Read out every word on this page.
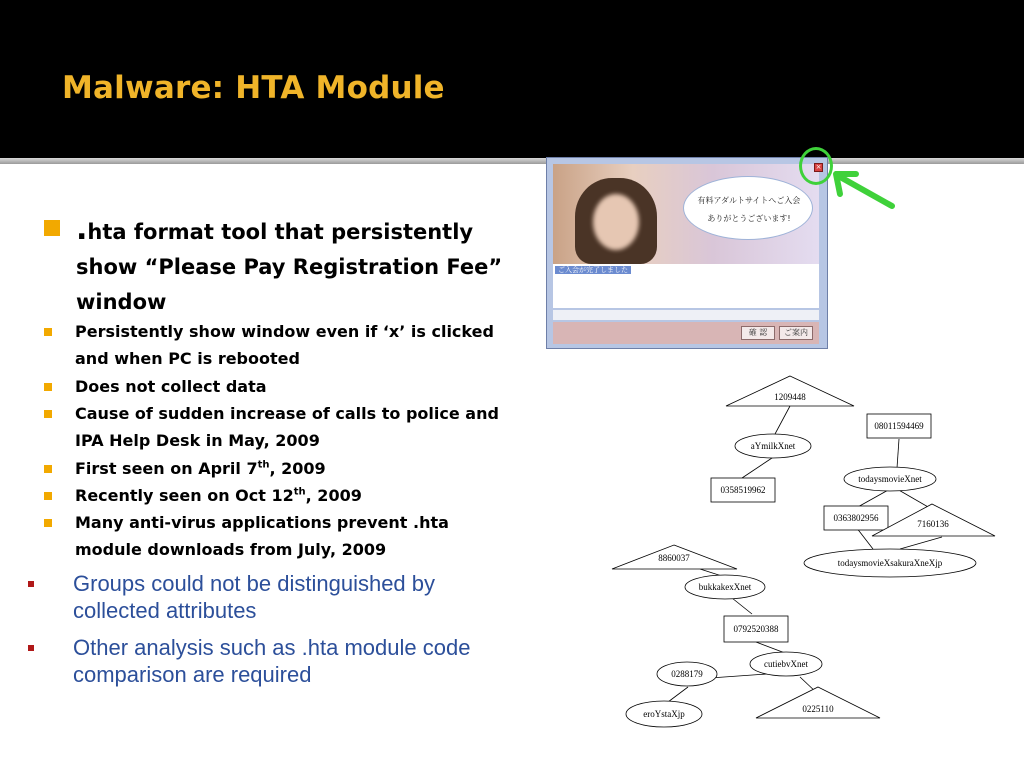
Malware: HTA Module
.hta format tool that persistently
show “Please Pay Registration Fee”
window
Persistently show window even if ‘x’ is clicked
and when PC is rebooted
Does not collect data
Cause of sudden increase of calls to police and
IPA Help Desk in May, 2009
First seen on April 7th, 2009
Recently seen on Oct 12th, 2009
Many anti-virus applications prevent .hta
module downloads from July, 2009
Groups could not be distinguished by
collected attributes
Other analysis such as .hta module code
comparison are required
有料アダルトサイトへご入会
ありがとうございます!
×
ご入会が完了しました
確 認	ご案内
1209448
aYmilkXnet
08011594469
0358519962
todaysmovieXnet
0363802956
7160136
todaysmovieXsakuraXneXjp
8860037
bukkakexXnet
0792520388
cutiebvXnet
0288179
0225110
eroYstaXjp
